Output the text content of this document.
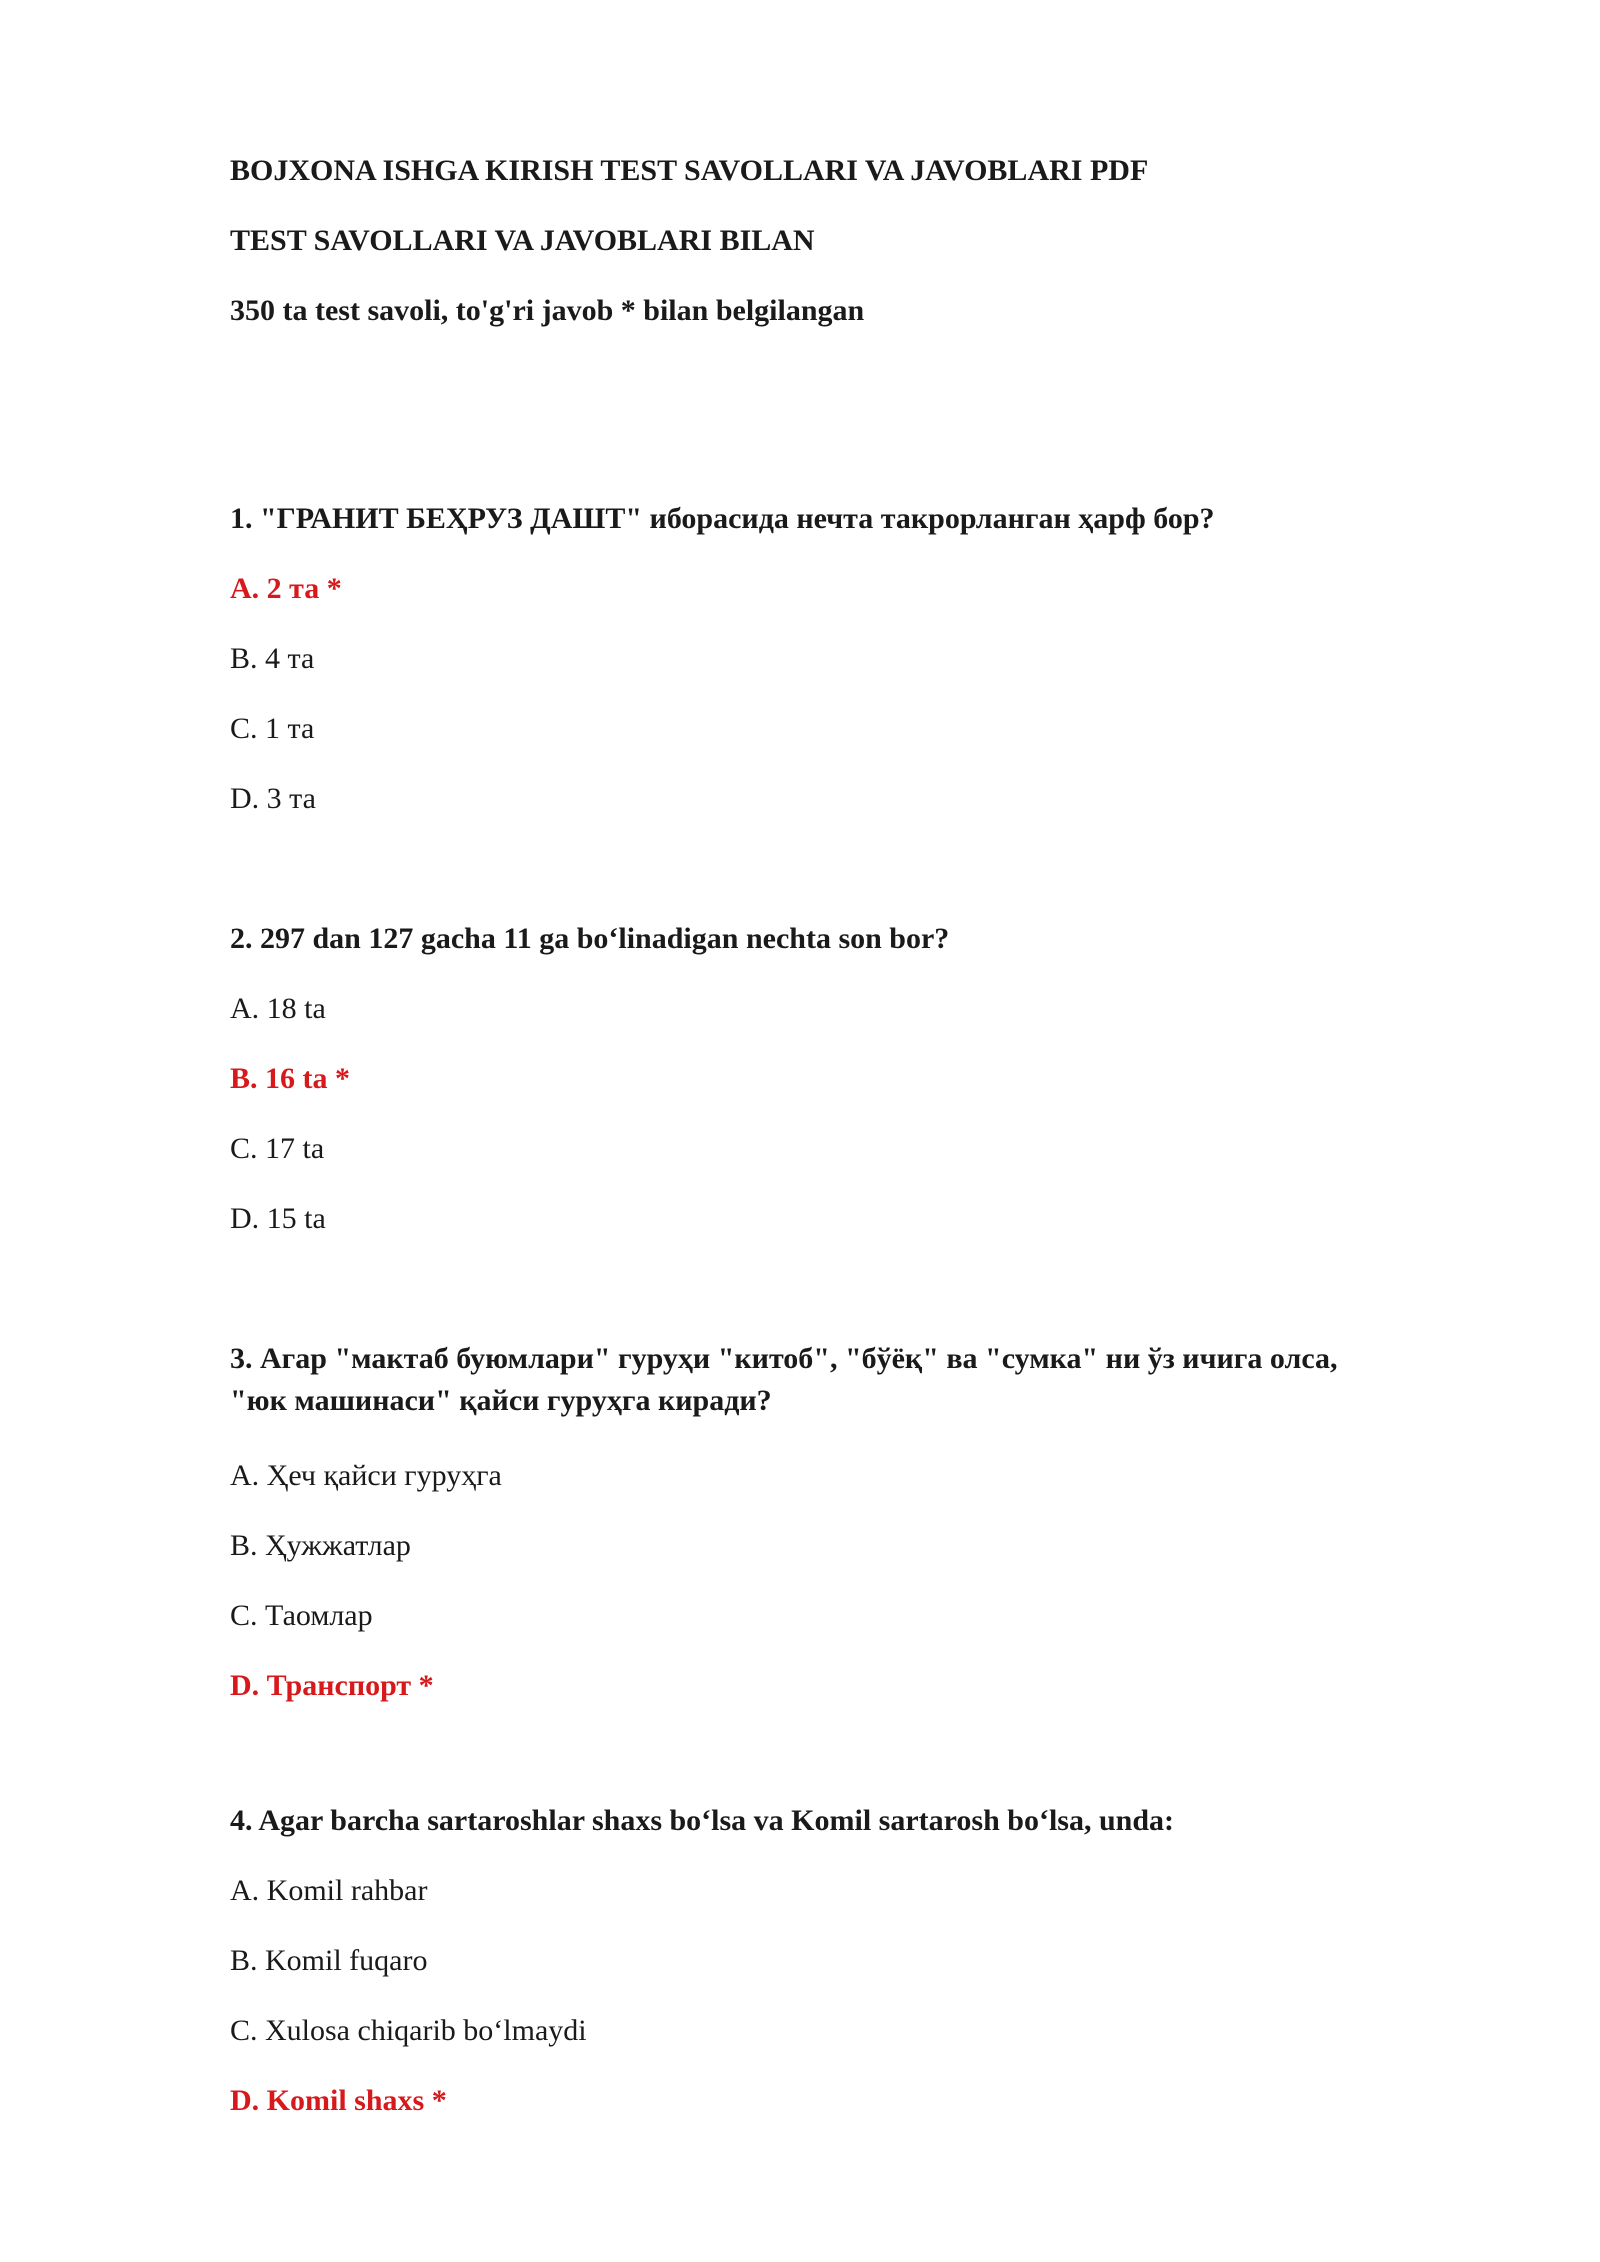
BOJXONA ISHGA KIRISH TEST SAVOLLARI VA JAVOBLARI PDF
TEST SAVOLLARI VA JAVOBLARI BILAN
350 ta test savoli, to'g'ri javob * bilan belgilangan
1. "ГРАНИТ БЕҲРУЗ ДАШТ" иборасида нечта такрорланган ҳарф бор?
A. 2 та *
B. 4 та
C. 1 та
D. 3 та
2. 297 dan 127 gacha 11 ga boʻlinadigan nechta son bor?
A. 18 ta
B. 16 ta *
C. 17 ta
D. 15 ta
3. Агар "мактаб буюмлари" гуруҳи "китоб", "бўёқ" ва "сумка" ни ўз ичига олса,
"юк машинаси" қайси гуруҳга киради?
A. Ҳеч қайси гуруҳга
B. Ҳужжатлар
C. Таомлар
D. Транспорт *
4. Agar barcha sartaroshlar shaxs boʻlsa va Komil sartarosh boʻlsa, unda:
A. Komil rahbar
B. Komil fuqaro
C. Xulosa chiqarib boʻlmaydi
D. Komil shaxs *
